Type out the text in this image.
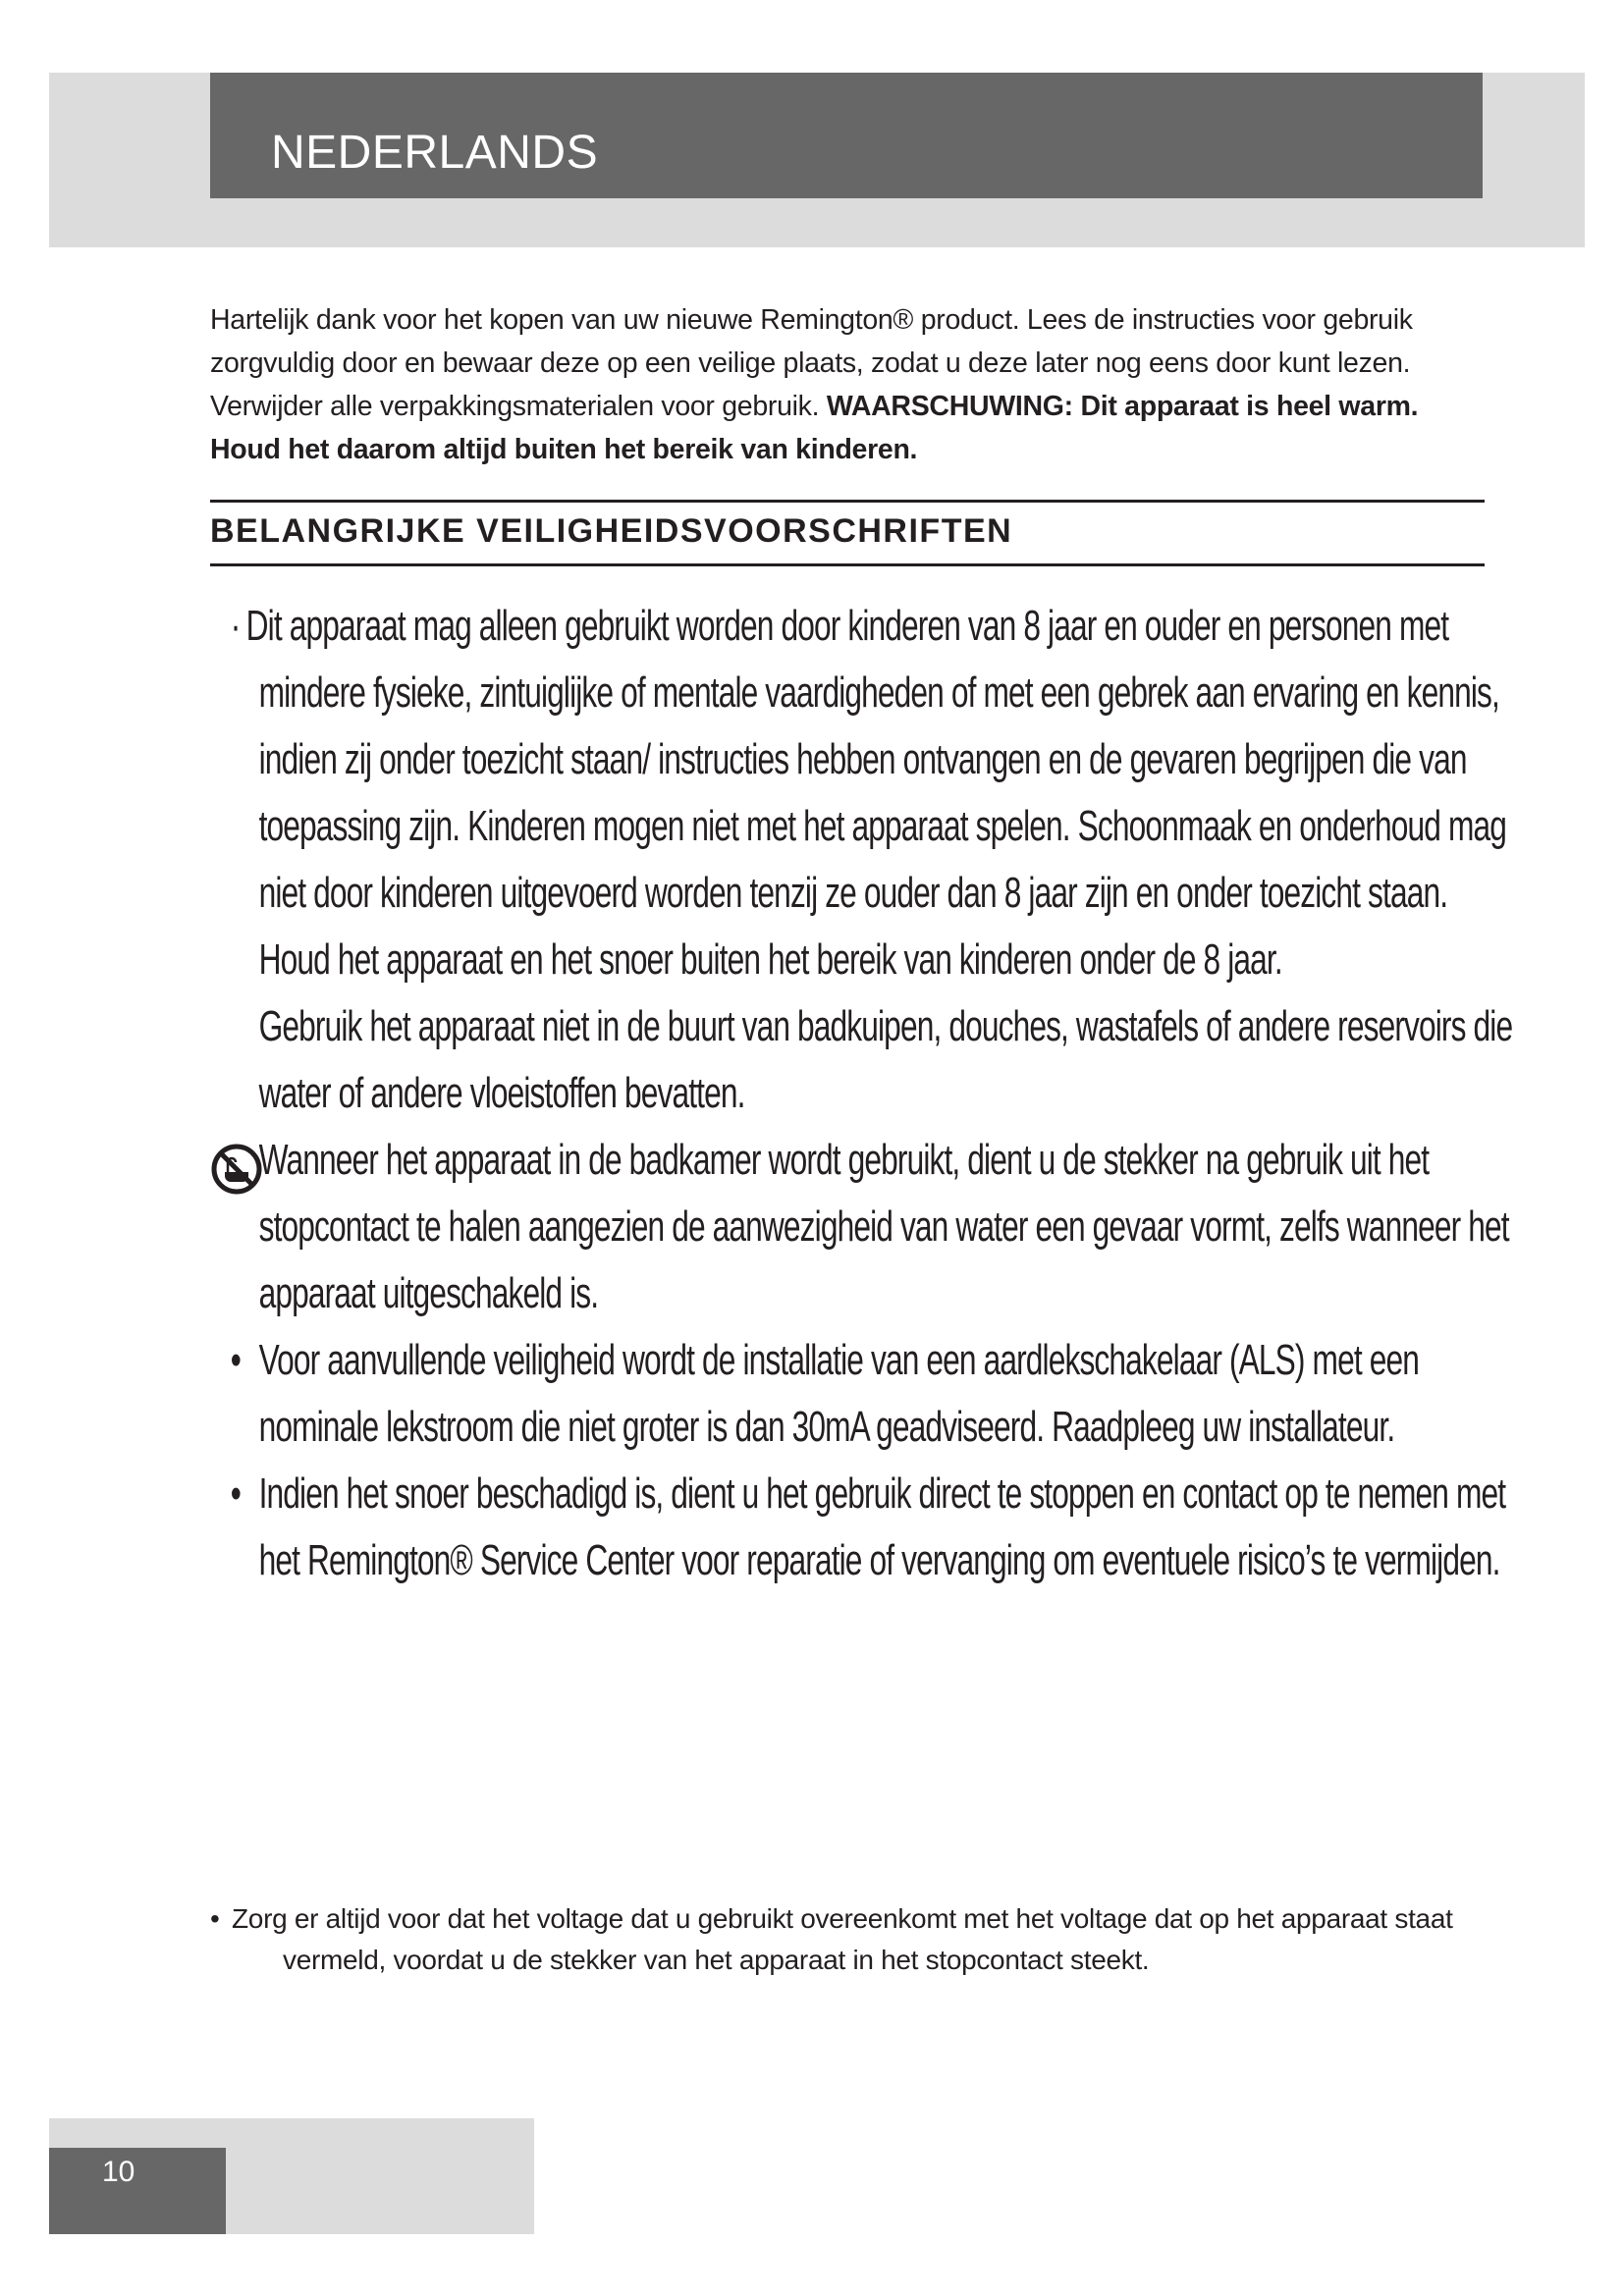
NEDERLANDS

Hartelijk dank voor het kopen van uw nieuwe Remington® product. Lees de instructies voor gebruik zorgvuldig door en bewaar deze op een veilige plaats, zodat u deze later nog eens door kunt lezen. Verwijder alle verpakkingsmaterialen voor gebruik. WAARSCHUWING: Dit apparaat is heel warm. Houd het daarom altijd buiten het bereik van kinderen.

BELANGRIJKE VEILIGHEIDSVOORSCHRIFTEN
· Dit apparaat mag alleen gebruikt worden door kinderen van 8 jaar en ouder en personen met mindere fysieke, zintuiglijke of mentale vaardigheden of met een gebrek aan ervaring en kennis, indien zij onder toezicht staan/ instructies hebben ontvangen en de gevaren begrijpen die van toepassing zijn. Kinderen mogen niet met het apparaat spelen. Schoonmaak en onderhoud mag niet door kinderen uitgevoerd worden tenzij ze ouder dan 8 jaar zijn en onder toezicht staan. Houd het apparaat en het snoer buiten het bereik van kinderen onder de 8 jaar.
Gebruik het apparaat niet in de buurt van badkuipen, douches, wastafels of andere reservoirs die water of andere vloeistoffen bevatten.
Wanneer het apparaat in de badkamer wordt gebruikt, dient u de stekker na gebruik uit het stopcontact te halen aangezien de aanwezigheid van water een gevaar vormt, zelfs wanneer het apparaat uitgeschakeld is.
• Voor aanvullende veiligheid wordt de installatie van een aardlekschakelaar (ALS) met een nominale lekstroom die niet groter is dan 30mA geadviseerd. Raadpleeg uw installateur.
• Indien het snoer beschadigd is, dient u het gebruik direct te stoppen en contact op te nemen met het Remington® Service Center voor reparatie of vervanging om eventuele risico’s te vermijden.
• Zorg er altijd voor dat het voltage dat u gebruikt overeenkomt met het voltage dat op het apparaat staat vermeld, voordat u de stekker van het apparaat in het stopcontact steekt.
10
